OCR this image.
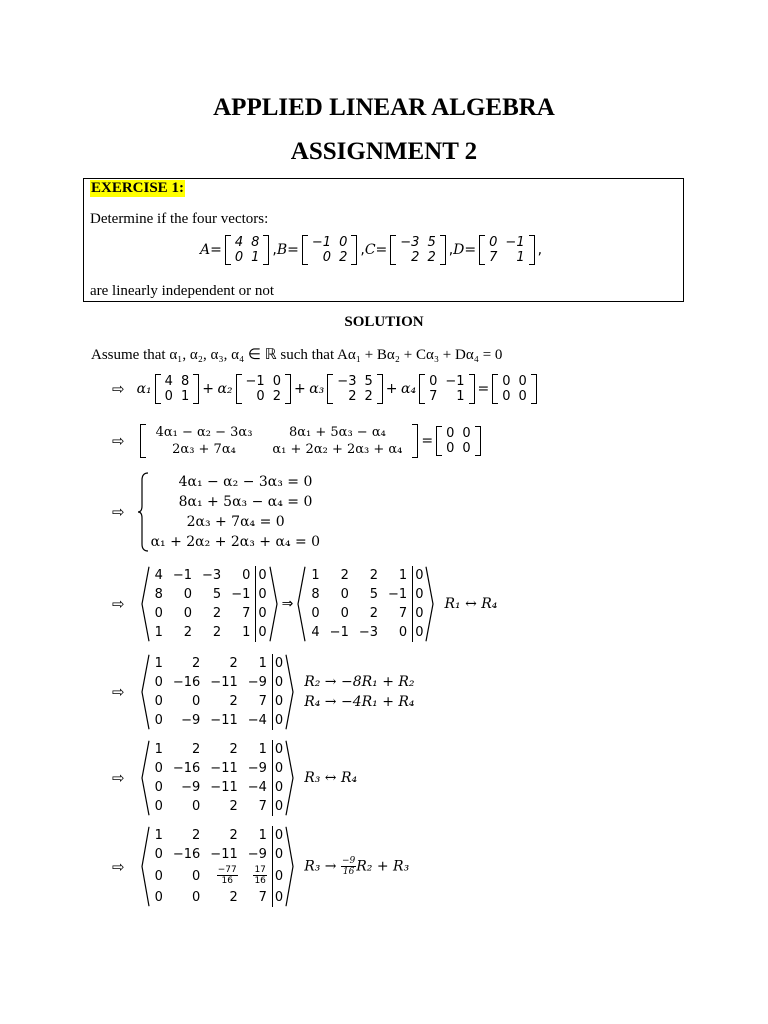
APPLIED LINEAR ALGEBRA
ASSIGNMENT 2
EXERCISE 1:
Determine if the four vectors:
A = 4	8
0	1 , B = −1	0
0	2 , C = −3	5
2	2 , D = 0	−1
7	1 ,
are linearly independent or not
SOLUTION
Assume that α₁, α₂, α₃, α₄ ∈ ℝ such that Aα₁ + Bα₂ + Cα₃ + Dα₄ = 0
⇨ α₁ 4	8
0	1 +
α₂ −1	0
0	2 +
α₃ −3	5
2	2 +
α₄ 0	−1
7	1 = 0	0
0	0
⇨ 4α₁ − α₂ − 3α₃	8α₁ + 5α₃ − α₄
2α₃ + 7α₄	α₁ + 2α₂ + 2α₃ + α₄
= 0	0
0	0
⇨
4α₁ − α₂ − 3α₃ = 0
8α₁ + 5α₃ − α₄ = 0
2α₃ + 7α₄ = 0
α₁ + 2α₂ + 2α₃ + α₄ = 0
⇨
4	−1	−3	0	0
8	0	5	−1	0
0	0	2	7	0
1	2	2	1	0
⇒
1	2	2	1	0
8	0	5	−1	0
0	0	2	7	0
4	−1	−3	0	0
R₁ ↔ R₄
⇨
1	2	2	1	0
0	−16	−11	−9	0
0	0	2	7	0
0	−9	−11	−4	0
R₂ → −8R₁ + R₂
R₄ → −4R₁ + R₄
⇨
1	2	2	1	0
0	−16	−11	−9	0
0	−9	−11	−4	0
0	0	2	7	0
R₃ ↔ R₄
⇨
1	2	2	1	0
0	−16	−11	−9	0
0	0	$\frac{-77}{16}$	$\frac{17}{16}$	0
0	0	2	7	0
$R_3 \to \frac{-9}{16} R_2 + R_3$
